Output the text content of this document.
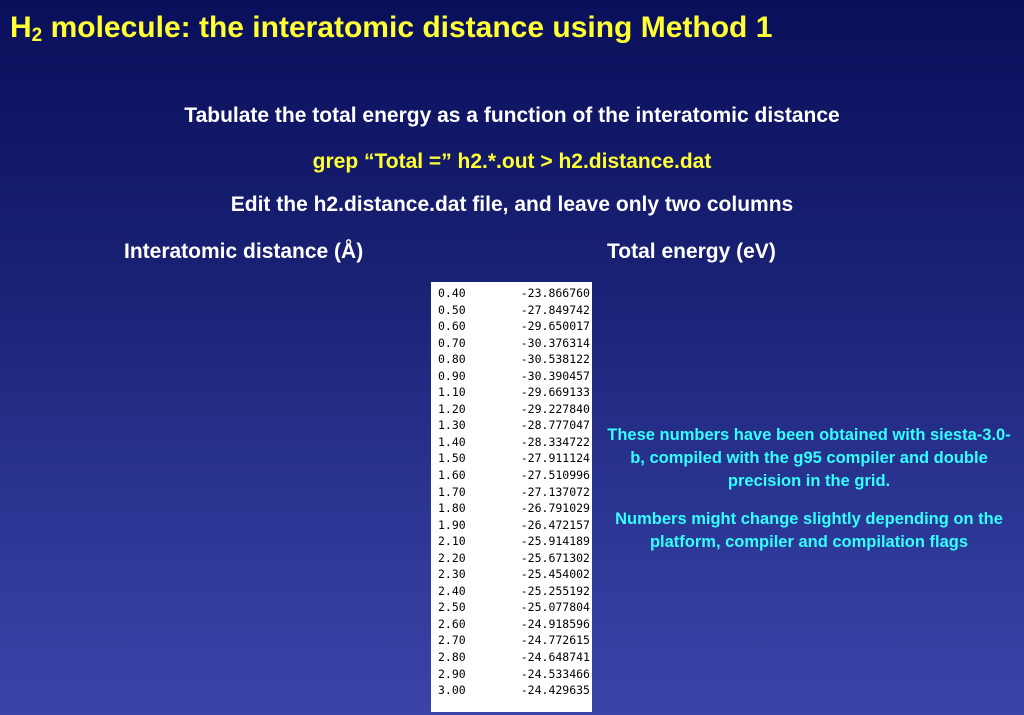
$H_2$ molecule: the interatomic distance using Method 1
Tabulate the total energy as a function of the interatomic distance
grep “Total =” h2.*.out > h2.distance.dat
Edit the h2.distance.dat file, and leave only two columns
Interatomic distance (Å)	Total energy (eV)
0.40	-23.866760
0.50	-27.849742
0.60	-29.650017
0.70	-30.376314
0.80	-30.538122
0.90	-30.390457
1.10	-29.669133
1.20	-29.227840
1.30	-28.777047
1.40	-28.334722
1.50	-27.911124
1.60	-27.510996
1.70	-27.137072
1.80	-26.791029
1.90	-26.472157
2.10	-25.914189
2.20	-25.671302
2.30	-25.454002
2.40	-25.255192
2.50	-25.077804
2.60	-24.918596
2.70	-24.772615
2.80	-24.648741
2.90	-24.533466
3.00	-24.429635
These numbers have been obtained with siesta-3.0-b, compiled with the g95 compiler and double precision in the grid.
Numbers might change slightly depending on the platform, compiler and compilation flags
